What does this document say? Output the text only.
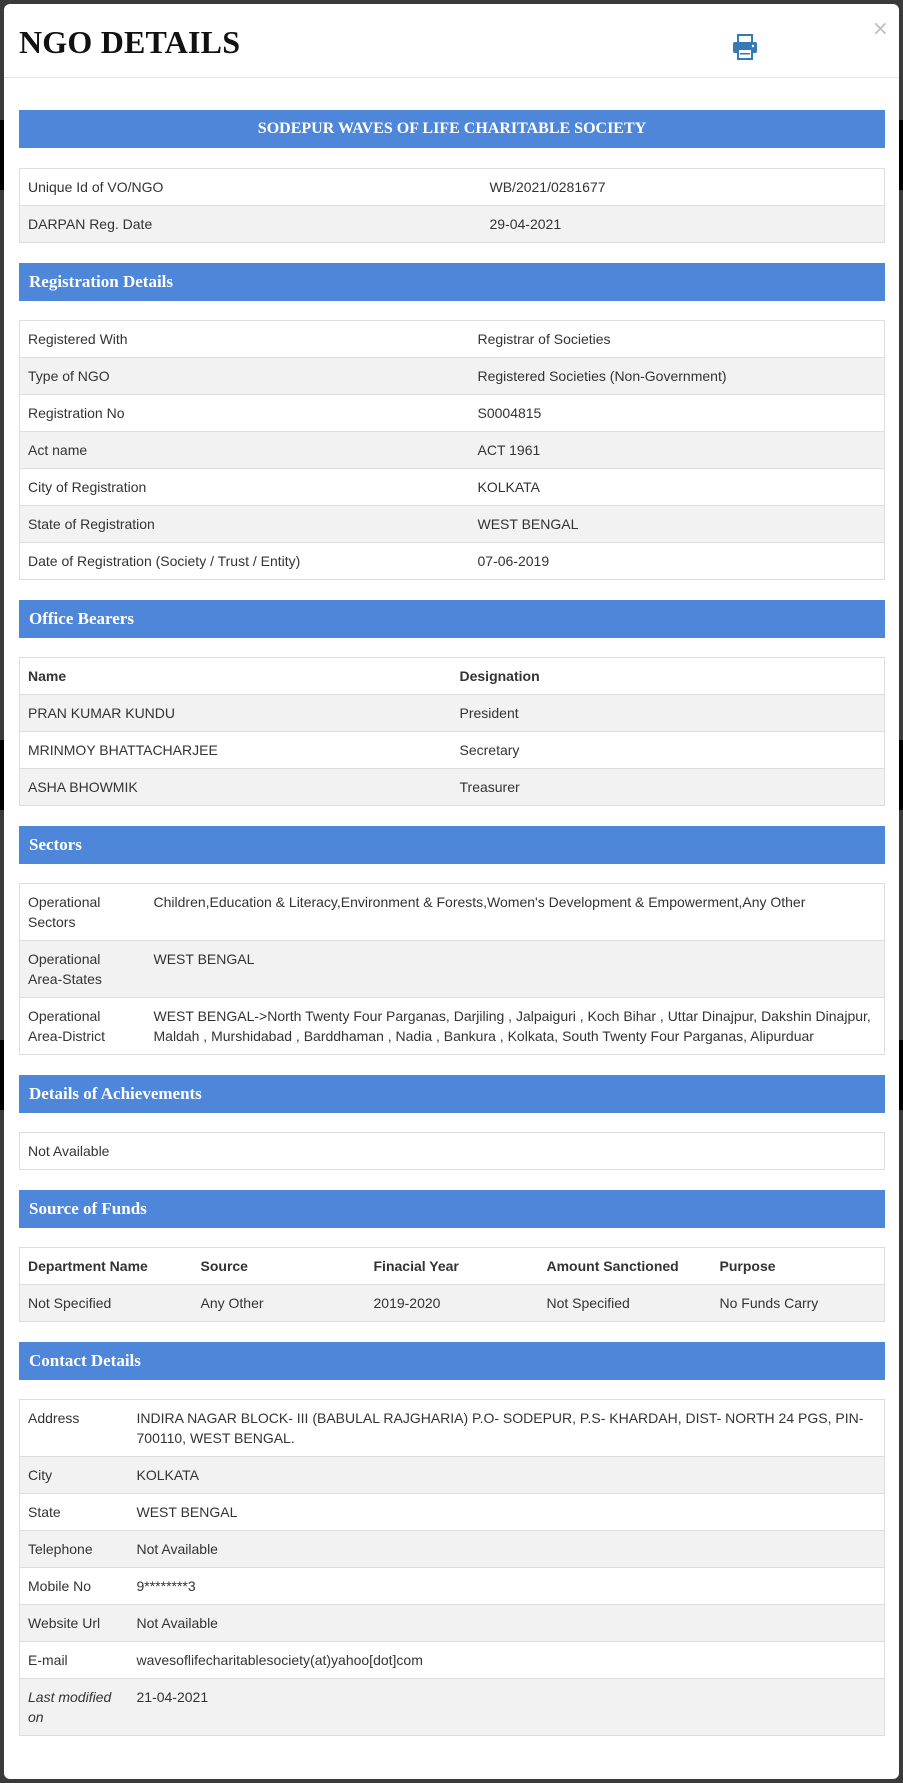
NGO DETAILS	×
SODEPUR WAVES OF LIFE CHARITABLE SOCIETY
Unique Id of VO/NGO	WB/2021/0281677
DARPAN Reg. Date	29-04-2021
Registration Details
Registered With	Registrar of Societies
Type of NGO	Registered Societies (Non-Government)
Registration No	S0004815
Act name	ACT 1961
City of Registration	KOLKATA
State of Registration	WEST BENGAL
Date of Registration (Society / Trust / Entity)	07-06-2019
Office Bearers
Name	Designation
PRAN KUMAR KUNDU	President
MRINMOY BHATTACHARJEE	Secretary
ASHA BHOWMIK	Treasurer
Sectors
Operational Sectors	Children,Education & Literacy,Environment & Forests,Women's Development & Empowerment,Any Other
Operational Area-States	WEST BENGAL
Operational Area-District	WEST BENGAL->North Twenty Four Parganas, Darjiling , Jalpaiguri , Koch Bihar , Uttar Dinajpur, Dakshin Dinajpur, Maldah , Murshidabad , Barddhaman , Nadia , Bankura , Kolkata, South Twenty Four Parganas, Alipurduar
Details of Achievements
Not Available
Source of Funds
Department Name	Source	Finacial Year	Amount Sanctioned	Purpose
Not Specified	Any Other	2019-2020	Not Specified	No Funds Carry
Contact Details
Address	INDIRA NAGAR BLOCK- III (BABULAL RAJGHARIA) P.O- SODEPUR, P.S- KHARDAH, DIST- NORTH 24 PGS, PIN-700110, WEST BENGAL.
City	KOLKATA
State	WEST BENGAL
Telephone	Not Available
Mobile No	9********3
Website Url	Not Available
E-mail	wavesoflifecharitablesociety(at)yahoo[dot]com
Last modified on	21-04-2021
